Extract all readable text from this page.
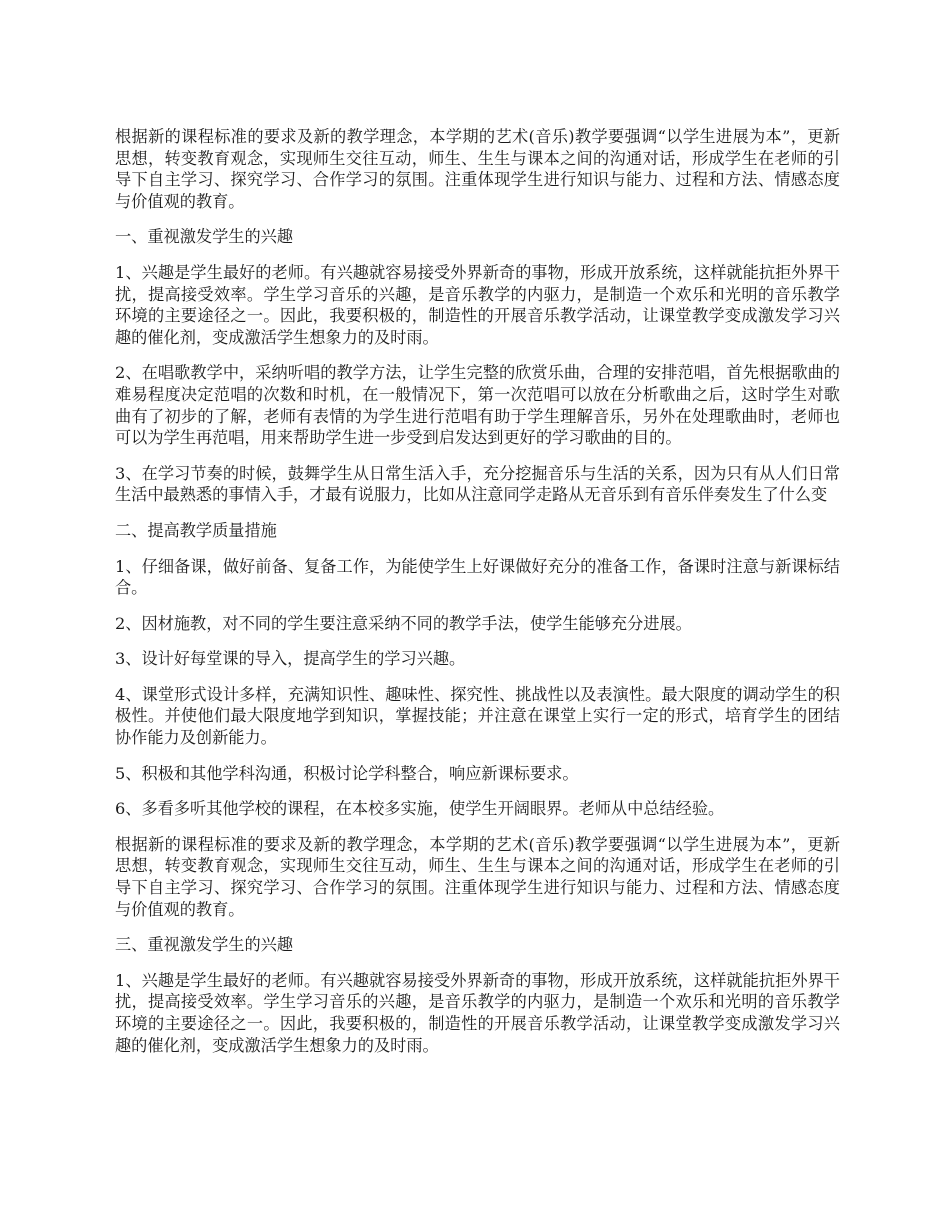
根据新的课程标准的要求及新的教学理念，本学期的艺术(音乐)教学要强调“以学生进展为本”，更新思想，转变教育观念，实现师生交往互动，师生、生生与课本之间的沟通对话，形成学生在老师的引导下自主学习、探究学习、合作学习的氛围。注重体现学生进行知识与能力、过程和方法、情感态度与价值观的教育。

一、重视激发学生的兴趣

1、兴趣是学生最好的老师。有兴趣就容易接受外界新奇的事物，形成开放系统，这样就能抗拒外界干扰，提高接受效率。学生学习音乐的兴趣，是音乐教学的内驱力，是制造一个欢乐和光明的音乐教学环境的主要途径之一。因此，我要积极的，制造性的开展音乐教学活动，让课堂教学变成激发学习兴趣的催化剂，变成激活学生想象力的及时雨。

2、在唱歌教学中，采纳听唱的教学方法，让学生完整的欣赏乐曲，合理的安排范唱，首先根据歌曲的难易程度决定范唱的次数和时机，在一般情况下，第一次范唱可以放在分析歌曲之后，这时学生对歌曲有了初步的了解，老师有表情的为学生进行范唱有助于学生理解音乐，另外在处理歌曲时，老师也可以为学生再范唱，用来帮助学生进一步受到启发达到更好的学习歌曲的目的。

3、在学习节奏的时候，鼓舞学生从日常生活入手，充分挖掘音乐与生活的关系，因为只有从人们日常生活中最熟悉的事情入手，才最有说服力，比如从注意同学走路从无音乐到有音乐伴奏发生了什么变

二、提高教学质量措施

1、仔细备课，做好前备、复备工作，为能使学生上好课做好充分的准备工作，备课时注意与新课标结合。

2、因材施教，对不同的学生要注意采纳不同的教学手法，使学生能够充分进展。

3、设计好每堂课的导入，提高学生的学习兴趣。

4、课堂形式设计多样，充满知识性、趣味性、探究性、挑战性以及表演性。最大限度的调动学生的积极性。并使他们最大限度地学到知识，掌握技能；并注意在课堂上实行一定的形式，培育学生的团结协作能力及创新能力。

5、积极和其他学科沟通，积极讨论学科整合，响应新课标要求。

6、多看多听其他学校的课程，在本校多实施，使学生开阔眼界。老师从中总结经验。

根据新的课程标准的要求及新的教学理念，本学期的艺术(音乐)教学要强调“以学生进展为本”，更新思想，转变教育观念，实现师生交往互动，师生、生生与课本之间的沟通对话，形成学生在老师的引导下自主学习、探究学习、合作学习的氛围。注重体现学生进行知识与能力、过程和方法、情感态度与价值观的教育。

三、重视激发学生的兴趣

1、兴趣是学生最好的老师。有兴趣就容易接受外界新奇的事物，形成开放系统，这样就能抗拒外界干扰，提高接受效率。学生学习音乐的兴趣，是音乐教学的内驱力，是制造一个欢乐和光明的音乐教学环境的主要途径之一。因此，我要积极的，制造性的开展音乐教学活动，让课堂教学变成激发学习兴趣的催化剂，变成激活学生想象力的及时雨。
